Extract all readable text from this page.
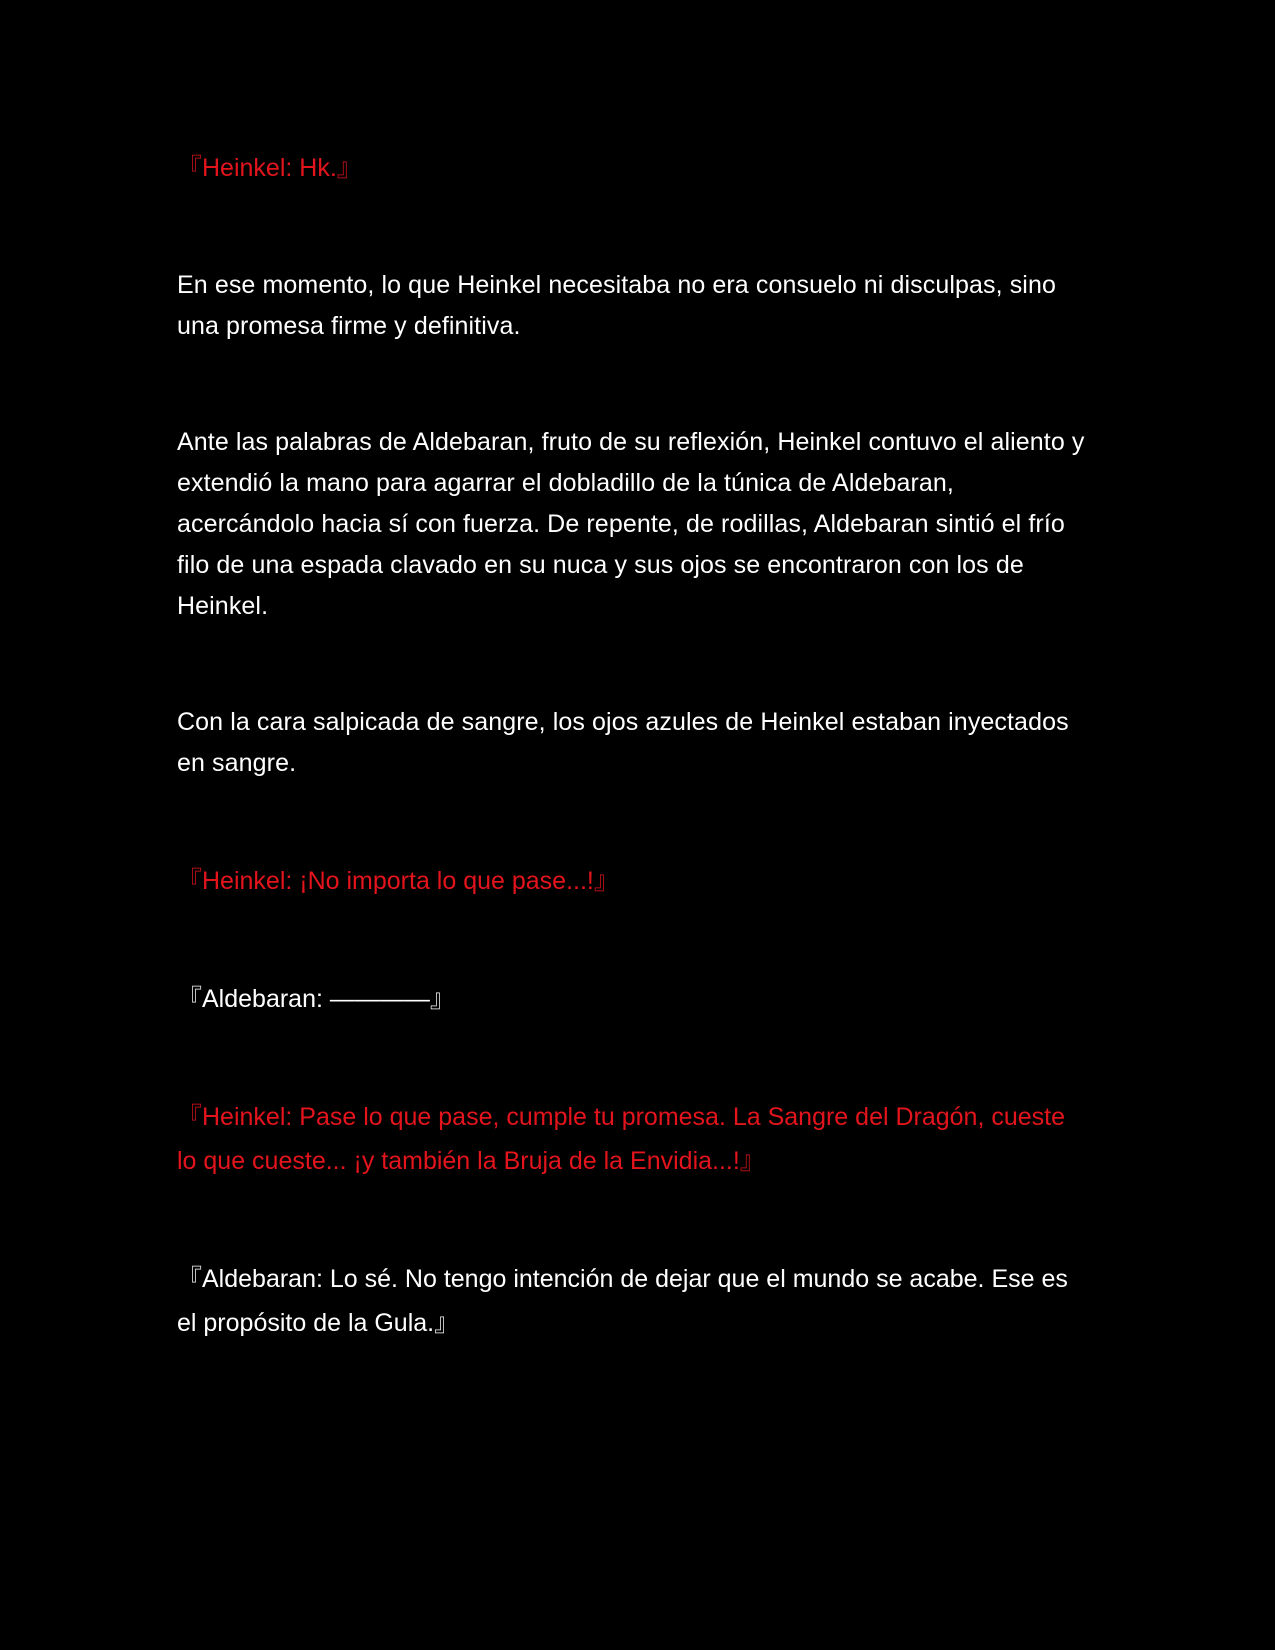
『Heinkel: Hk.』

En ese momento, lo que Heinkel necesitaba no era consuelo ni disculpas, sino una promesa firme y definitiva.

Ante las palabras de Aldebaran, fruto de su reflexión, Heinkel contuvo el aliento y extendió la mano para agarrar el dobladillo de la túnica de Aldebaran, acercándolo hacia sí con fuerza. De repente, de rodillas, Aldebaran sintió el frío filo de una espada clavado en su nuca y sus ojos se encontraron con los de Heinkel.

Con la cara salpicada de sangre, los ojos azules de Heinkel estaban inyectados en sangre.

『Heinkel: ¡No importa lo que pase...!』

『Aldebaran: ————』

『Heinkel: Pase lo que pase, cumple tu promesa. La Sangre del Dragón, cueste lo que cueste... ¡y también la Bruja de la Envidia...!』

『Aldebaran: Lo sé. No tengo intención de dejar que el mundo se acabe. Ese es el propósito de la Gula.』
